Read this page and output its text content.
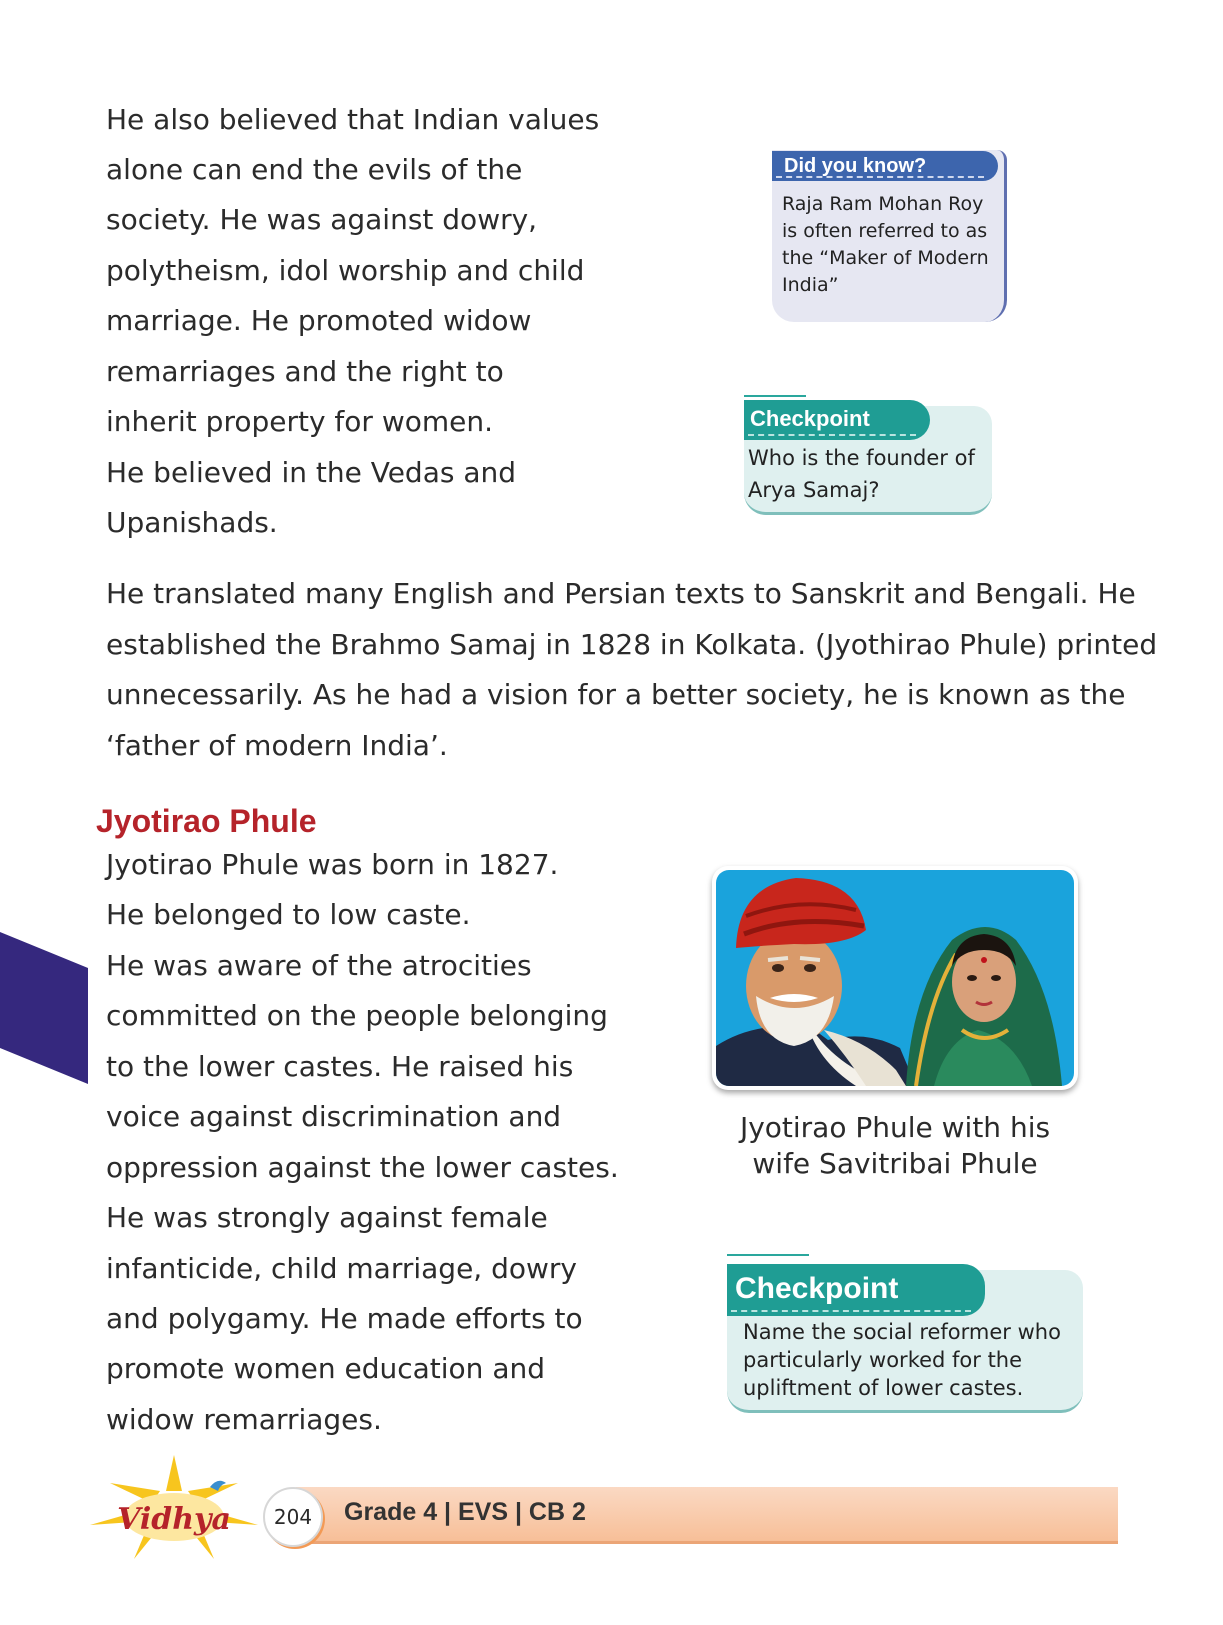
He also believed that Indian values
alone can end the evils of the
society. He was against dowry,
polytheism, idol worship and child
marriage. He promoted widow
remarriages and the right to
inherit property for women.
He believed in the Vedas and
Upanishads.
Did you know?
Raja Ram Mohan Roy
is often referred to as
the “Maker of Modern
India”
Checkpoint
Who is the founder of
Arya Samaj?
He translated many English and Persian texts to Sanskrit and Bengali. He
established the Brahmo Samaj in 1828 in Kolkata. (Jyothirao Phule) printed
unnecessarily. As he had a vision for a better society, he is known as the
‘father of modern India’.
Jyotirao Phule
Jyotirao Phule was born in 1827.
He belonged to low caste.
He was aware of the atrocities
committed on the people belonging
to the lower castes. He raised his
voice against discrimination and
oppression against the lower castes.
He was strongly against female
infanticide, child marriage, dowry
and polygamy. He made efforts to
promote women education and
widow remarriages.
Jyotirao Phule with his
wife Savitribai Phule
Checkpoint
Name the social reformer who
particularly worked for the
upliftment of lower castes.
Vidhya	204	Grade 4 | EVS | CB 2
